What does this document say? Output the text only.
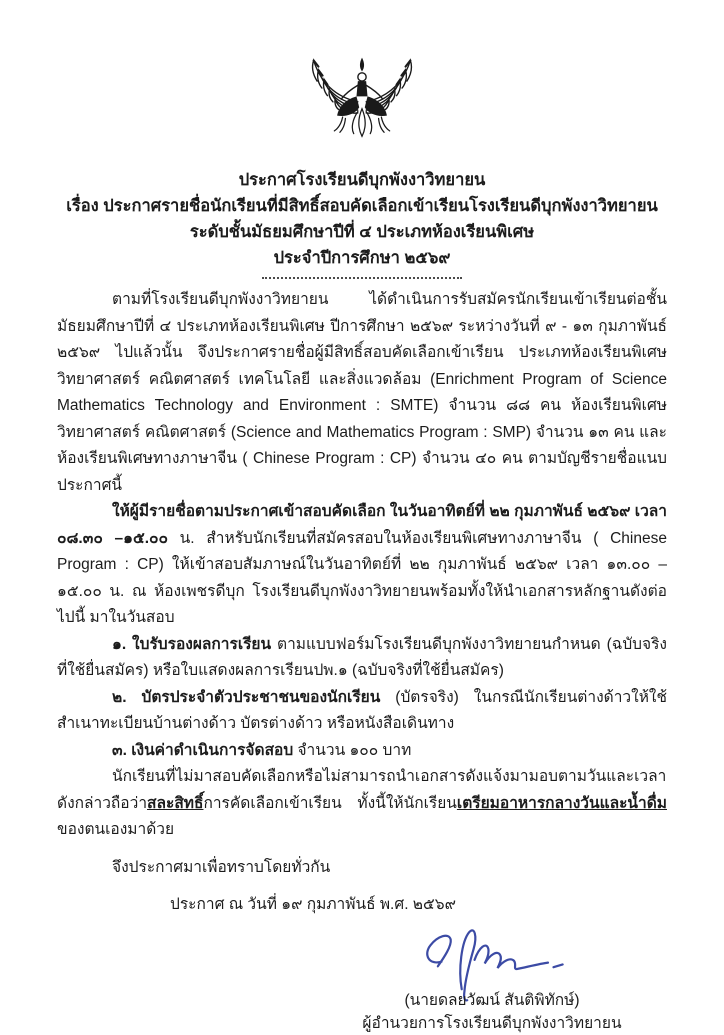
ประกาศโรงเรียนดีบุกพังงาวิทยายน
เรื่อง ประกาศรายชื่อนักเรียนที่มีสิทธิ์สอบคัดเลือกเข้าเรียนโรงเรียนดีบุกพังงาวิทยายน
ระดับชั้นมัธยมศึกษาปีที่ ๔ ประเภทห้องเรียนพิเศษ
ประจำปีการศึกษา ๒๕๖๙

ตามที่โรงเรียนดีบุกพังงาวิทยายน ได้ดำเนินการรับสมัครนักเรียนเข้าเรียนต่อชั้นมัธยมศึกษาปีที่ ๔ ประเภทห้องเรียนพิเศษ ปีการศึกษา ๒๕๖๙ ระหว่างวันที่ ๙ - ๑๓ กุมภาพันธ์ ๒๕๖๙ ไปแล้วนั้น จึงประกาศรายชื่อผู้มีสิทธิ์สอบคัดเลือกเข้าเรียน ประเภทห้องเรียนพิเศษวิทยาศาสตร์ คณิตศาสตร์ เทคโนโลยี และสิ่งแวดล้อม (Enrichment Program of Science Mathematics Technology and Environment : SMTE) จำนวน ๘๘ คน ห้องเรียนพิเศษวิทยาศาสตร์ คณิตศาสตร์ (Science and Mathematics Program : SMP) จำนวน ๑๓ คน และห้องเรียนพิเศษทางภาษาจีน ( Chinese Program : CP) จำนวน ๔๐ คน ตามบัญชีรายชื่อแนบประกาศนี้

ให้ผู้มีรายชื่อตามประกาศเข้าสอบคัดเลือก ในวันอาทิตย์ที่ ๒๒ กุมภาพันธ์ ๒๕๖๙ เวลา ๐๘.๓๐ –๑๕.๐๐ น. สำหรับนักเรียนที่สมัครสอบในห้องเรียนพิเศษทางภาษาจีน ( Chinese Program : CP) ให้เข้าสอบสัมภาษณ์ในวันอาทิตย์ที่ ๒๒ กุมภาพันธ์ ๒๕๖๙ เวลา ๑๓.๐๐ – ๑๕.๐๐ น. ณ ห้องเพชรดีบุก โรงเรียนดีบุกพังงาวิทยายนพร้อมทั้งให้นำเอกสารหลักฐานดังต่อไปนี้ มาในวันสอบ

๑. ใบรับรองผลการเรียน ตามแบบฟอร์มโรงเรียนดีบุกพังงาวิทยายนกำหนด (ฉบับจริงที่ใช้ยื่นสมัคร) หรือใบแสดงผลการเรียนปพ.๑ (ฉบับจริงที่ใช้ยื่นสมัคร)

๒. บัตรประจำตัวประชาชนของนักเรียน (บัตรจริง) ในกรณีนักเรียนต่างด้าวให้ใช้สำเนาทะเบียนบ้านต่างด้าว บัตรต่างด้าว หรือหนังสือเดินทาง

๓. เงินค่าดำเนินการจัดสอบ จำนวน ๑๐๐ บาท

นักเรียนที่ไม่มาสอบคัดเลือกหรือไม่สามารถนำเอกสารดังแจ้งมามอบตามวันและเวลาดังกล่าวถือว่าสละสิทธิ์การคัดเลือกเข้าเรียน ทั้งนี้ให้นักเรียนเตรียมอาหารกลางวันและน้ำดื่มของตนเองมาด้วย

จึงประกาศมาเพื่อทราบโดยทั่วกัน

ประกาศ ณ วันที่ ๑๙ กุมภาพันธ์ พ.ศ. ๒๕๖๙

(นายดลยวัฒน์ สันติพิทักษ์)
ผู้อำนวยการโรงเรียนดีบุกพังงาวิทยายน
